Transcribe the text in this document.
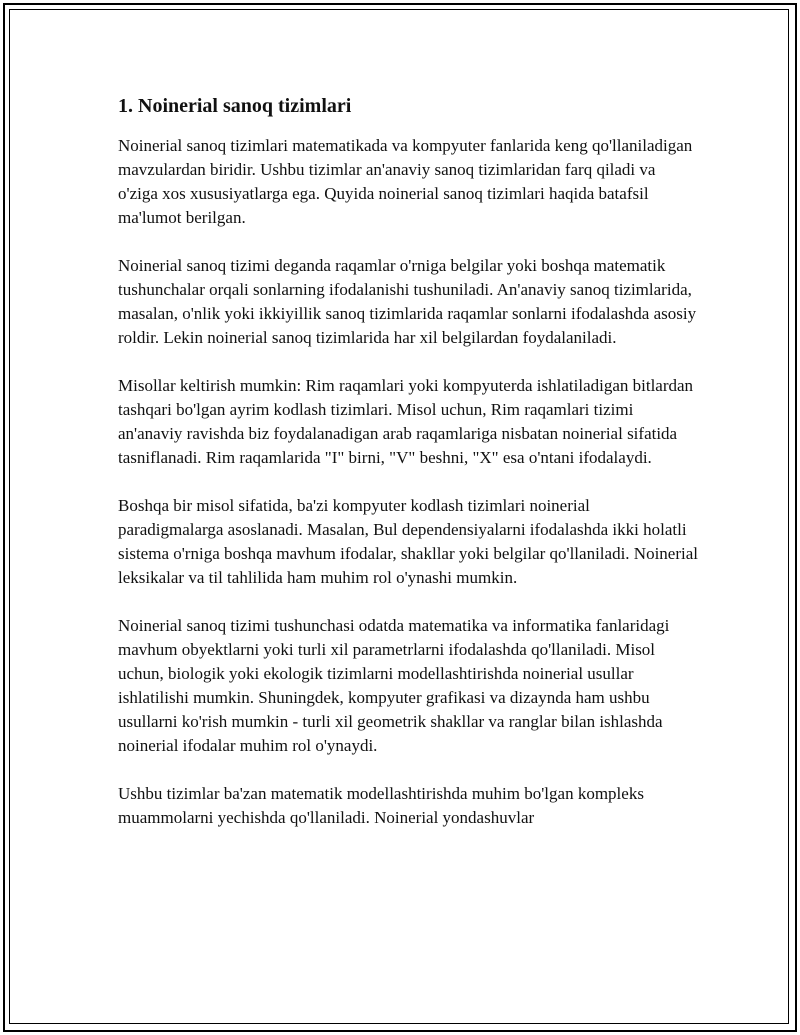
1. Noinerial sanoq tizimlari

Noinerial sanoq tizimlari matematikada va kompyuter fanlarida keng qo'llaniladigan mavzulardan biridir. Ushbu tizimlar an'anaviy sanoq tizimlaridan farq qiladi va o'ziga xos xususiyatlarga ega. Quyida noinerial sanoq tizimlari haqida batafsil ma'lumot berilgan.

Noinerial sanoq tizimi deganda raqamlar o'rniga belgilar yoki boshqa matematik tushunchalar orqali sonlarning ifodalanishi tushuniladi. An'anaviy sanoq tizimlarida, masalan, o'nlik yoki ikkiyillik sanoq tizimlarida raqamlar sonlarni ifodalashda asosiy roldir. Lekin noinerial sanoq tizimlarida har xil belgilardan foydalaniladi.

Misollar keltirish mumkin: Rim raqamlari yoki kompyuterda ishlatiladigan bitlardan tashqari bo'lgan ayrim kodlash tizimlari. Misol uchun, Rim raqamlari tizimi an'anaviy ravishda biz foydalanadigan arab raqamlariga nisbatan noinerial sifatida tasniflanadi. Rim raqamlarida "I" birni, "V" beshni, "X" esa o'ntani ifodalaydi.

Boshqa bir misol sifatida, ba'zi kompyuter kodlash tizimlari noinerial paradigmalarga asoslanadi. Masalan, Bul dependensiyalarni ifodalashda ikki holatli sistema o'rniga boshqa mavhum ifodalar, shakllar yoki belgilar qo'llaniladi. Noinerial leksikalar va til tahlilida ham muhim rol o'ynashi mumkin.

Noinerial sanoq tizimi tushunchasi odatda matematika va informatika fanlaridagi mavhum obyektlarni yoki turli xil parametrlarni ifodalashda qo'llaniladi. Misol uchun, biologik yoki ekologik tizimlarni modellashtirishda noinerial usullar ishlatilishi mumkin. Shuningdek, kompyuter grafikasi va dizaynda ham ushbu usullarni ko'rish mumkin - turli xil geometrik shakllar va ranglar bilan ishlashda noinerial ifodalar muhim rol o'ynaydi.

Ushbu tizimlar ba'zan matematik modellashtirishda muhim bo'lgan kompleks muammolarni yechishda qo'llaniladi. Noinerial yondashuvlar
